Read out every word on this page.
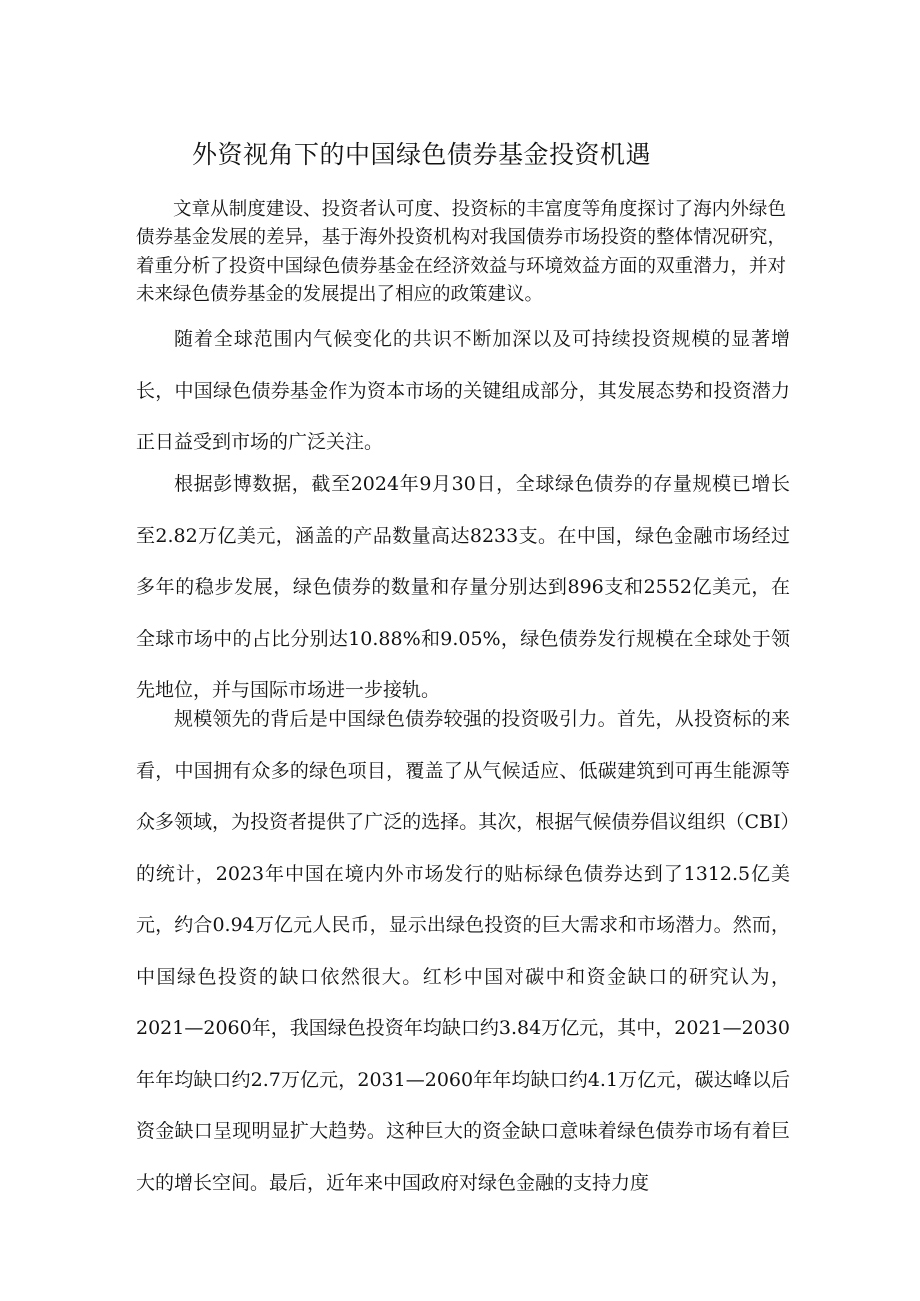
外资视角下的中国绿色债券基金投资机遇

文章从制度建设、投资者认可度、投资标的丰富度等角度探讨了海内外绿色债券基金发展的差异，基于海外投资机构对我国债券市场投资的整体情况研究，着重分析了投资中国绿色债券基金在经济效益与环境效益方面的双重潜力，并对未来绿色债券基金的发展提出了相应的政策建议。

随着全球范围内气候变化的共识不断加深以及可持续投资规模的显著增长，中国绿色债券基金作为资本市场的关键组成部分，其发展态势和投资潜力正日益受到市场的广泛关注。

根据彭博数据，截至2024年9月30日，全球绿色债券的存量规模已增长至2.82万亿美元，涵盖的产品数量高达8233支。在中国，绿色金融市场经过多年的稳步发展，绿色债券的数量和存量分别达到896支和2552亿美元，在全球市场中的占比分别达10.88%和9.05%，绿色债券发行规模在全球处于领先地位，并与国际市场进一步接轨。

规模领先的背后是中国绿色债券较强的投资吸引力。首先，从投资标的来看，中国拥有众多的绿色项目，覆盖了从气候适应、低碳建筑到可再生能源等众多领域，为投资者提供了广泛的选择。其次，根据气候债券倡议组织（CBI）的统计，2023年中国在境内外市场发行的贴标绿色债券达到了1312.5亿美元，约合0.94万亿元人民币，显示出绿色投资的巨大需求和市场潜力。然而，中国绿色投资的缺口依然很大。红杉中国对碳中和资金缺口的研究认为，2021—2060年，我国绿色投资年均缺口约3.84万亿元，其中，2021—2030年年均缺口约2.7万亿元，2031—2060年年均缺口约4.1万亿元，碳达峰以后资金缺口呈现明显扩大趋势。这种巨大的资金缺口意味着绿色债券市场有着巨大的增长空间。最后，近年来中国政府对绿色金融的支持力度
